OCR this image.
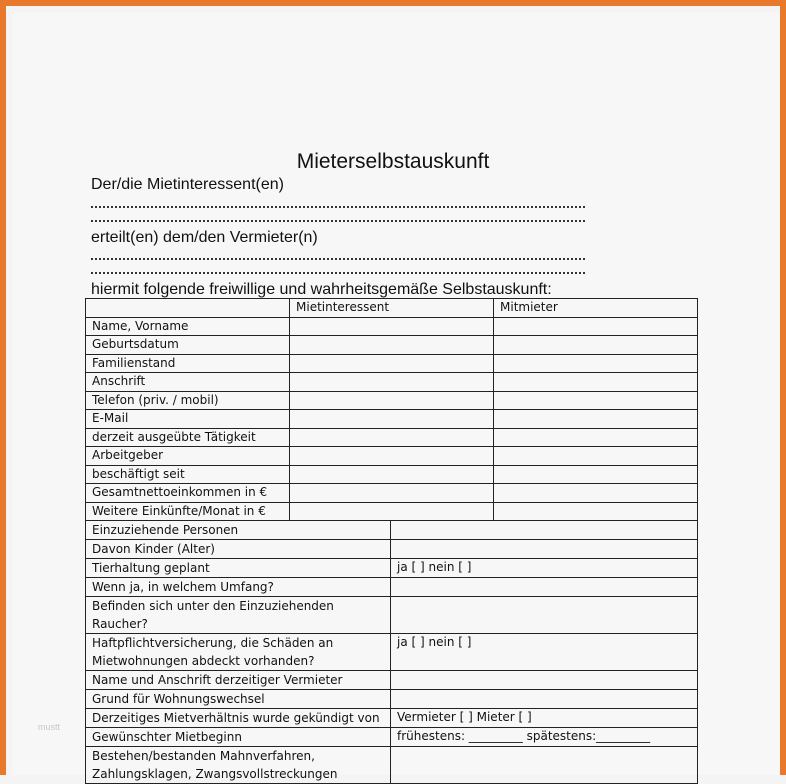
Mieterselbstauskunft
Der/die Mietinteressent(en)
erteilt(en) dem/den Vermieter(n)
hiermit folgende freiwillige und wahrheitsgemäße Selbstauskunft:
	Mietinteressent		Mitmieter
Name, Vorname			
Geburtsdatum			
Familienstand			
Anschrift			
Telefon (priv. / mobil)			
E-Mail			
derzeit ausgeübte Tätigkeit			
Arbeitgeber			
beschäftigt seit			
Gesamtnettoeinkommen in €			
Weitere Einkünfte/Monat in €			
Einzuziehende Personen			
Davon Kinder (Alter)			
Tierhaltung geplant		ja [ ] nein [ ]	
Wenn ja, in welchem Umfang?			
Befinden sich unter den Einzuziehenden Raucher?			
Haftpflichtversicherung, die Schäden an Mietwohnungen abdeckt vorhanden?		ja [ ] nein [ ]	
Name und Anschrift derzeitiger Vermieter			
Grund für Wohnungswechsel			
Derzeitiges Mietverhältnis wurde gekündigt von		Vermieter [ ] Mieter [ ]	
Gewünschter Mietbeginn		frühestens: _________ spätestens:_________	
Bestehen/bestanden Mahnverfahren, Zahlungsklagen, Zwangsvollstreckungen			
mustt
